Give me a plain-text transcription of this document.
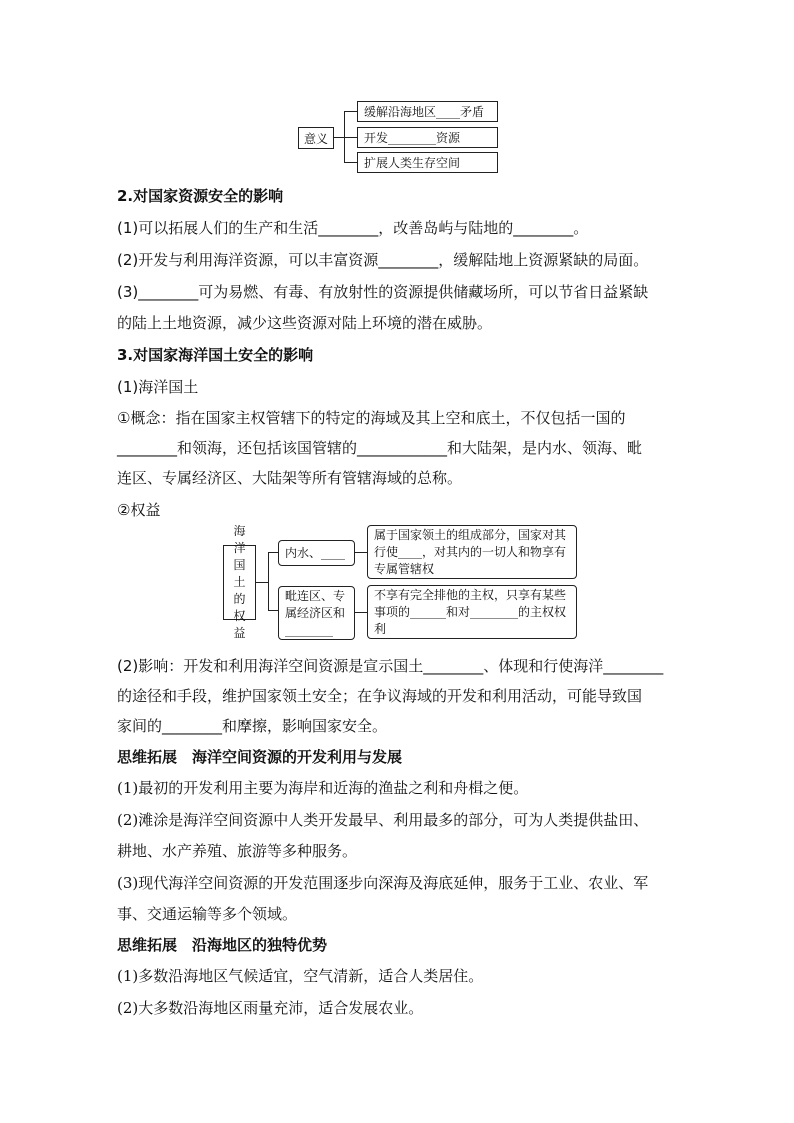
意义
缓解沿海地区____矛盾
开发________资源
扩展人类生存空间
2.对国家资源安全的影响
(1)可以拓展人们的生产和生活________，改善岛屿与陆地的________。
(2)开发与利用海洋资源，可以丰富资源________，缓解陆地上资源紧缺的局面。
(3)________可为易燃、有毒、有放射性的资源提供储藏场所，可以节省日益紧缺
的陆上土地资源，减少这些资源对陆上环境的潜在威胁。
3.对国家海洋国土安全的影响
(1)海洋国土
①概念：指在国家主权管辖下的特定的海域及其上空和底土，不仅包括一国的
________和领海，还包括该国管辖的____________和大陆架，是内水、领海、毗
连区、专属经济区、大陆架等所有管辖海域的总称。
②权益
海洋国土的权益
内水、____
毗连区、专属经济区和________
属于国家领土的组成部分，国家对其行使____，对其内的一切人和物享有专属管辖权
不享有完全排他的主权，只享有某些事项的______和对________的主权权利
(2)影响：开发和利用海洋空间资源是宣示国土________、体现和行使海洋________
的途径和手段，维护国家领土安全；在争议海域的开发和利用活动，可能导致国
家间的________和摩擦，影响国家安全。
思维拓展　海洋空间资源的开发利用与发展
(1)最初的开发利用主要为海岸和近海的渔盐之利和舟楫之便。
(2)滩涂是海洋空间资源中人类开发最早、利用最多的部分，可为人类提供盐田、
耕地、水产养殖、旅游等多种服务。
(3)现代海洋空间资源的开发范围逐步向深海及海底延伸，服务于工业、农业、军
事、交通运输等多个领域。
思维拓展　沿海地区的独特优势
(1)多数沿海地区气候适宜，空气清新，适合人类居住。
(2)大多数沿海地区雨量充沛，适合发展农业。
